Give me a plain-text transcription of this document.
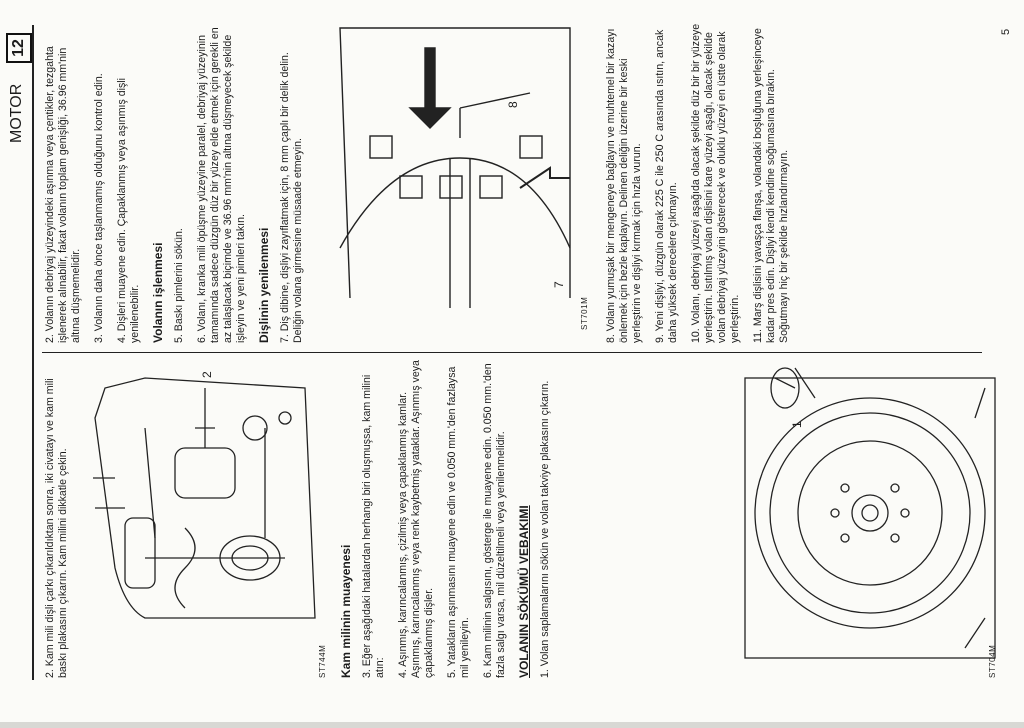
MOTOR
12

2. Kam mili dişli çarkı çıkarıldıktan sonra, iki civatayı ve kam mili baskı plakasını çıkarın. Kam milini dikkatle çekin.	ST744M
2
Kam milinin muayenesi 3. Eğer aşağıdaki hatalardan herhangi biri oluşmuşsa, kam milini atın: 4. Aşınmış, karıncalanmış, çizilmiş veya çapaklanmış kamlar. Aşınmış, karıncalanmış veya renk kaybetmiş yataklar. Aşınmış veya çapaklanmış dişler. 5. Yatakların aşınmasını muayene edin ve 0.050 mm.'den fazlaysa mil yenileyin. 6. Kam milinin salgısını, gösterge ile muayene edin. 0.050 mm.'den fazla salgı varsa, mil düzeltilmeli veya yenilenmelidir. VOLANIN SÖKÜMÜ VEBAKIMI 1. Volan saplamalarını sökün ve volan takviye plakasını çıkarın.	ST704M
1

2. Volanın debriyaj yüzeyindeki aşınma veya çentikler, tezgahta işlenerek alınabilir, fakat volanın toplam genişliği, 36.96 mm'nin altına düşmemelidir. 3. Volanın daha önce taşlanmamış olduğunu kontrol edin. 4. Dişleri muayene edin. Çapaklanmış veya aşınmış dişli yenilenebilir. Volanın işlenmesi 5. Baskı pimlerini sökün. 6. Volanı, kranka mili öpüşme yüzeyine paralel, debriyaj yüzeyinin tamamında sadece düzgün düz bir yüzey elde etmek için gerekli en az talaşlacak biçimde ve 36.96 mm'nin altına düşmeyecek şekilde işleyin ve yeni pimleri takın. Dişlinin yenilenmesi 7. Diş dibine, dişliyi zayıflatmak için, 8 mm çaplı bir delik delin. Deliğin volana girmesine müsaade etmeyin.	ST701M
8
7	8. Volanı yumuşak bir mengeneye bağlayın ve muhtemel bir kazayı önlemek için bezle kaplayın. Delinen deliğin üzerine bir keski yerleştirin ve dişliyi kırmak için hızla vurun. 9. Yeni dişliyi, düzgün olarak 225 C ile 250 C arasında ısıtın, ancak daha yüksek derecelere çıkmayın. 10. Volanı, debriyaj yüzeyi aşağıda olacak şekilde düz bir bir yüzeye yerleştirin. Isıtılmış volan dişlisini kare yüzeyi aşağı, olacak şekilde volan debriyaj yüzeyini gösterecek ve oluklu yüzeyi en üstte olarak yerleştirin. 11. Marş dişlisini yavaşça flanşa, volandaki boşluğuna yerleşinceye kadar pres edin. Dişliyi kendi kendine soğumasına bırakın. Soğutmayı hiç bir şekilde hızlandırmayın.

5
